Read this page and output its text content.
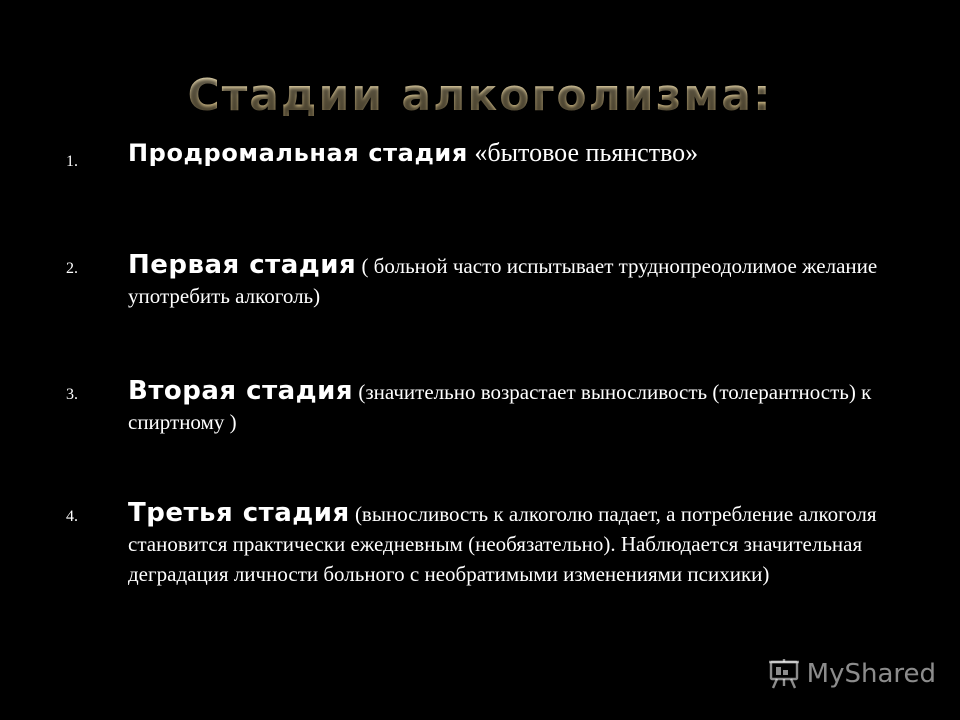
Стадии алкоголизма:
1. Продромальная стадия «бытовое пьянство»
2. Первая стадия ( больной часто испытывает труднопреодолимое желание употребить алкоголь)
3. Вторая стадия (значительно возрастает выносливость (толерантность) к спиртному )
4. Третья стадия (выносливость к алкоголю падает, а потребление алкоголя становится практически ежедневным (необязательно). Наблюдается значительная деградация личности больного с необратимыми изменениями психики)
MyShared
